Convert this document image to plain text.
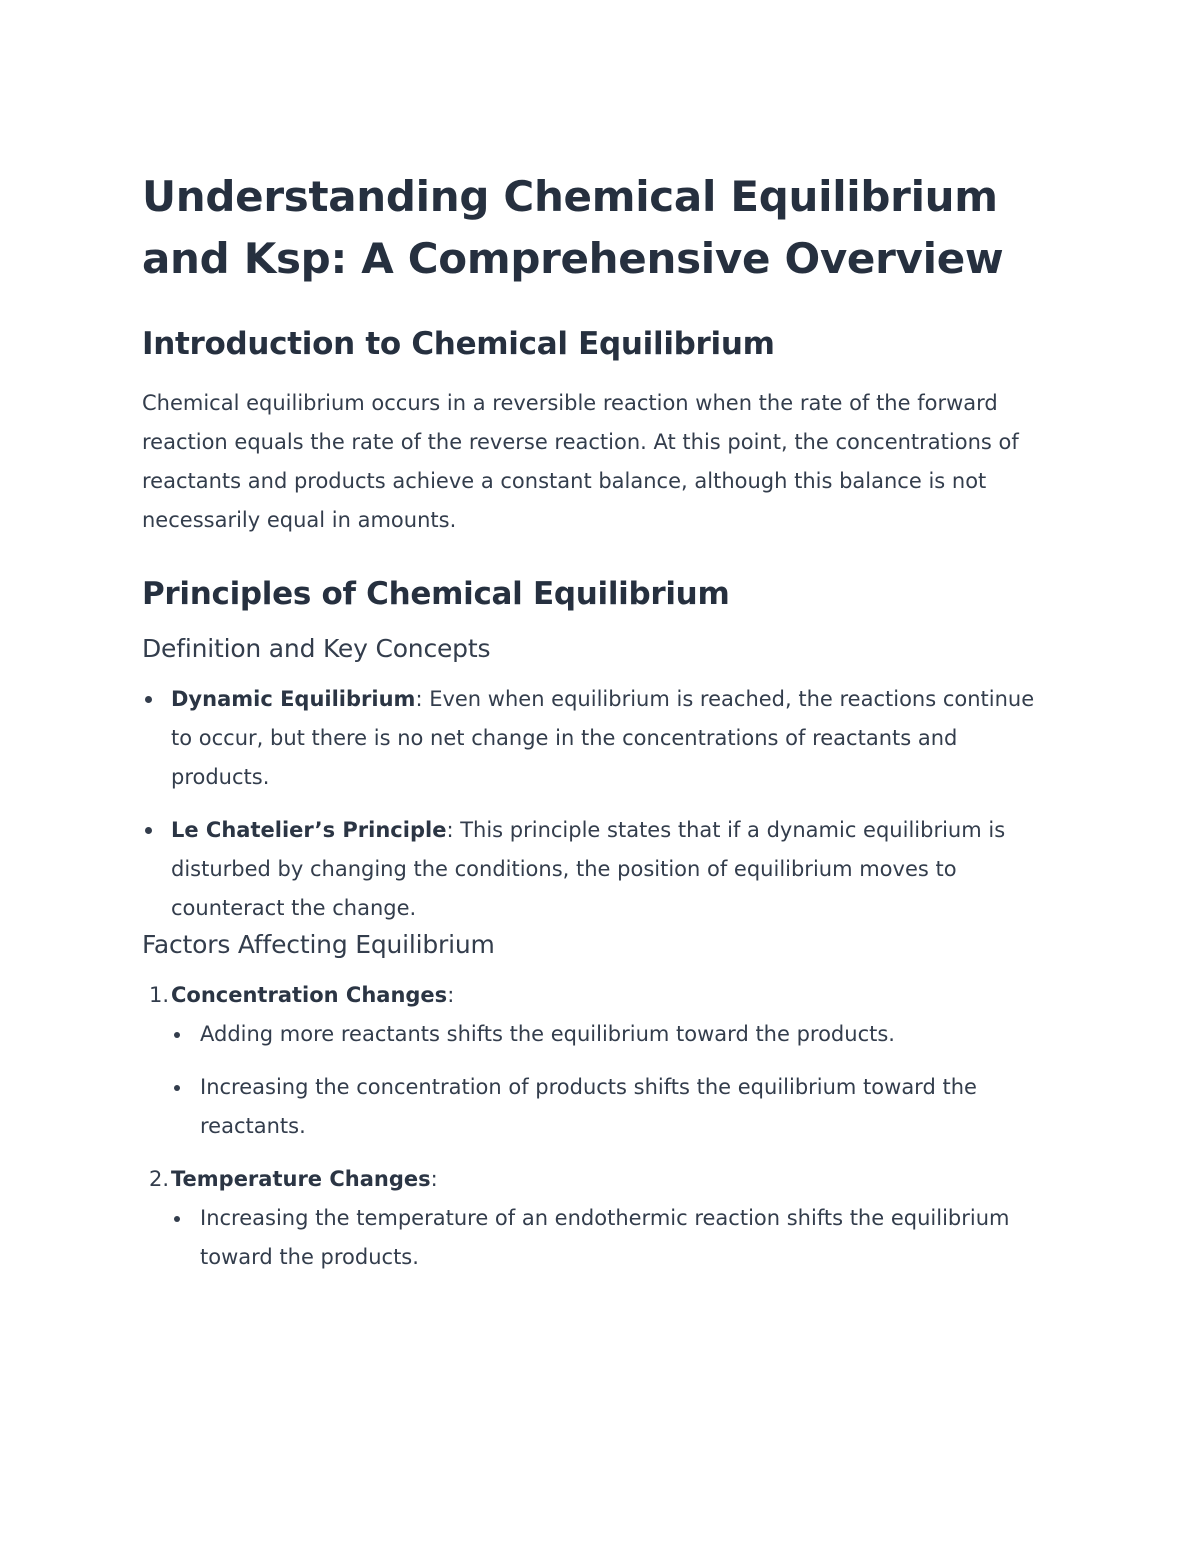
Understanding Chemical Equilibrium and Ksp: A Comprehensive Overview
Introduction to Chemical Equilibrium

Chemical equilibrium occurs in a reversible reaction when the rate of the forward reaction equals the rate of the reverse reaction. At this point, the concentrations of reactants and products achieve a constant balance, although this balance is not necessarily equal in amounts.

Principles of Chemical Equilibrium
Definition and Key Concepts
Dynamic Equilibrium: Even when equilibrium is reached, the reactions continue to occur, but there is no net change in the concentrations of reactants and products.
Le Chatelier’s Principle: This principle states that if a dynamic equilibrium is disturbed by changing the conditions, the position of equilibrium moves to counteract the change.
Factors Affecting Equilibrium
1. Concentration Changes:
Adding more reactants shifts the equilibrium toward the products.
Increasing the concentration of products shifts the equilibrium toward the reactants.
2. Temperature Changes:
Increasing the temperature of an endothermic reaction shifts the equilibrium toward the products.
